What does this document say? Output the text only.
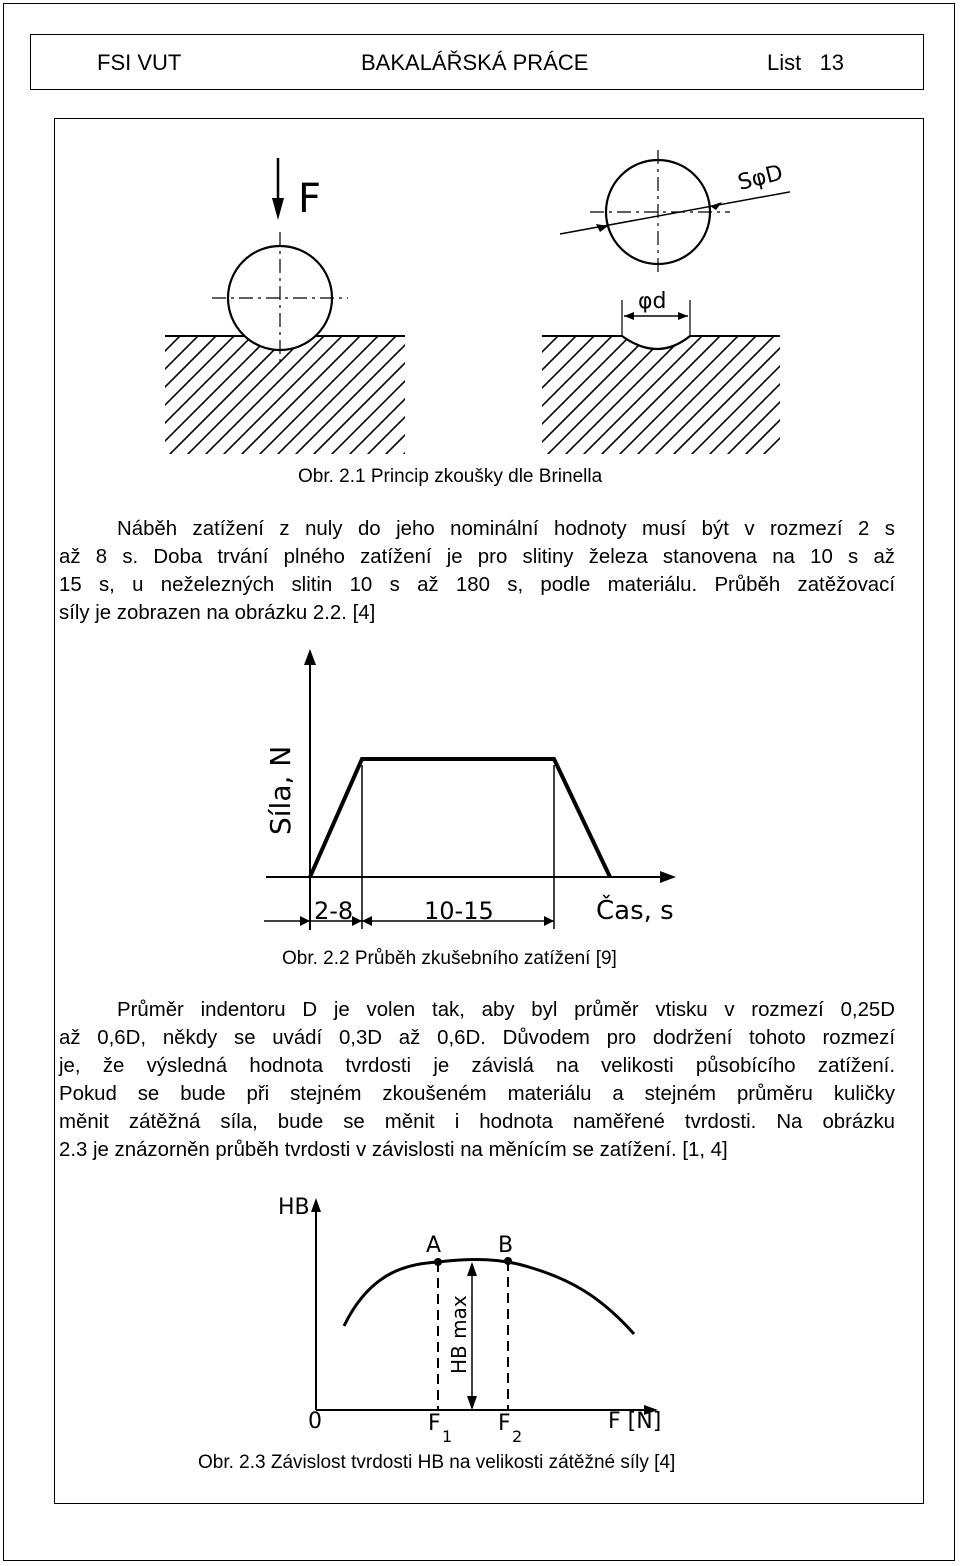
FSI VUT	BAKALÁŘSKÁ PRÁCE	List   13
F	SφD
φd
Obr. 2.1 Princip zkoušky dle Brinella
Náběh zatížení z nuly do jeho nominální hodnoty musí být v rozmezí 2 s
až 8 s. Doba trvání plného zatížení je pro slitiny železa stanovena na 10 s až
15 s, u neželezných slitin 10 s až 180 s, podle materiálu. Průběh zatěžovací
síly je zobrazen na obrázku 2.2. [4]
2-8	10-15	Čas, s
Síla, N
Obr. 2.2 Průběh zkušebního zatížení [9]
Průměr indentoru D je volen tak, aby byl průměr vtisku v rozmezí 0,25D
až 0,6D, někdy se uvádí 0,3D až 0,6D. Důvodem pro dodržení tohoto rozmezí
je, že výsledná hodnota tvrdosti je závislá na velikosti působícího zatížení.
Pokud se bude při stejném zkoušeném materiálu a stejném průměru kuličky
měnit zátěžná síla, bude se měnit i hodnota naměřené tvrdosti. Na obrázku
2.3 je znázorněn průběh tvrdosti v závislosti na měnícím se zatížení. [1, 4]
HB
0	F [N]
A	B
HB max
F
1
F
2
Obr. 2.3 Závislost tvrdosti HB na velikosti zátěžné síly [4]
